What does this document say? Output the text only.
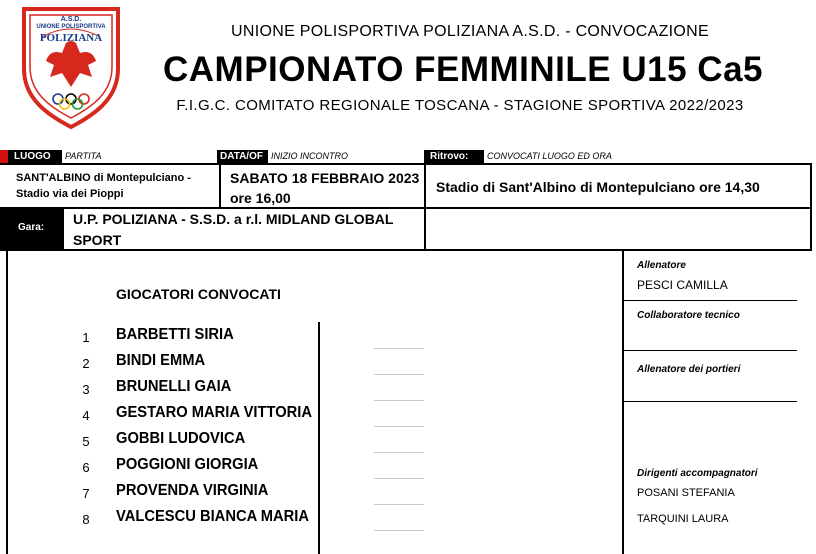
A.S.D.
UNIONE POLISPORTIVA
POLIZIANA	UNIONE POLISPORTIVA POLIZIANA A.S.D. - CONVOCAZIONE
CAMPIONATO FEMMINILE U15 Ca5
F.I.G.C. COMITATO REGIONALE TOSCANA - STAGIONE SPORTIVA 2022/2023
LUOGO	PARTITA	DATA/OF INIZIO INCONTRO	Ritrovo:	CONVOCATI LUOGO ED ORA
SANT'ALBINO di Montepulciano -
Stadio via dei Pioppi
SABATO 18 FEBBRAIO 2023
ore 16,00
Stadio di Sant'Albino di Montepulciano ore 14,30
Gara:
U.P. POLIZIANA - S.S.D. a r.l. MIDLAND GLOBAL
SPORT
GIOCATORI CONVOCATI
1	BARBETTI SIRIA
2	BINDI EMMA
3	BRUNELLI GAIA
4	GESTARO MARIA VITTORIA
5	GOBBI LUDOVICA
6	POGGIONI GIORGIA
7	PROVENDA VIRGINIA
8	VALCESCU BIANCA MARIA
Allenatore
PESCI CAMILLA
Collaboratore tecnico
Allenatore dei portieri
Dirigenti accompagnatori
POSANI STEFANIA
TARQUINI LAURA
